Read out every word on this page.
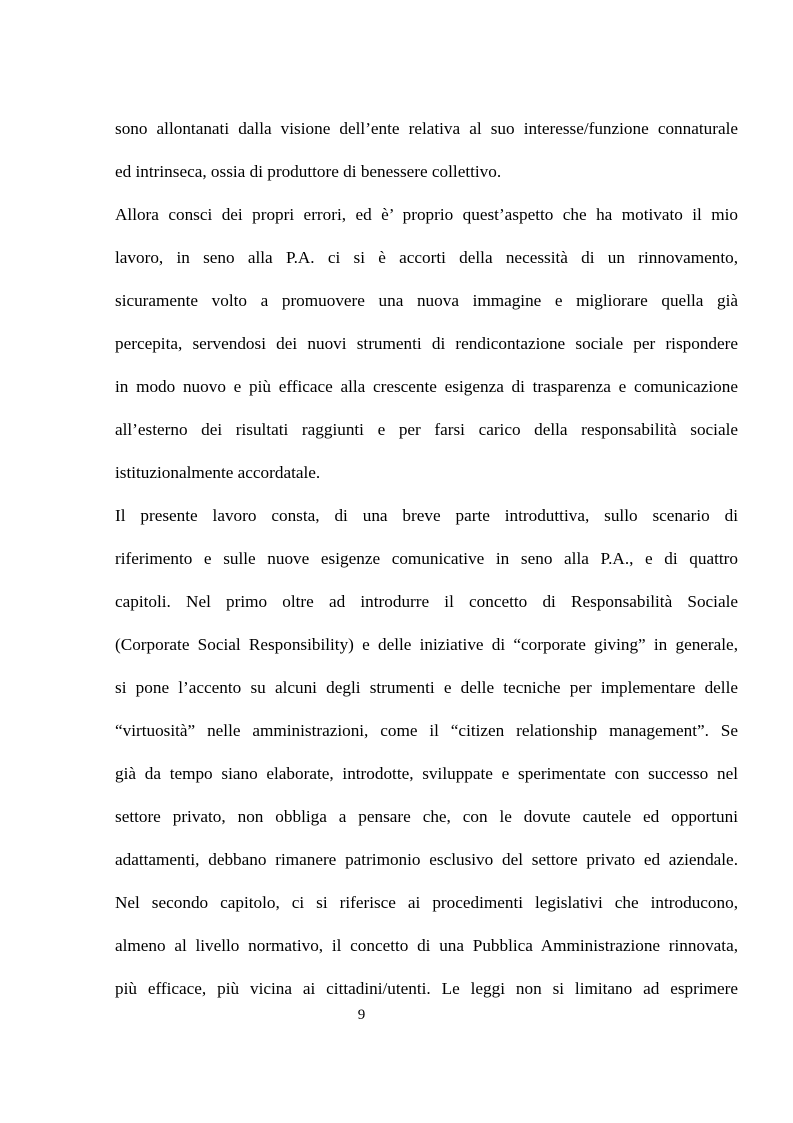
sono allontanati dalla visione dell’ente relativa al suo interesse/funzione connaturale
ed intrinseca, ossia di produttore di benessere collettivo.
Allora consci dei propri errori, ed è’ proprio quest’aspetto che ha motivato il mio
lavoro, in seno alla P.A. ci si è accorti della necessità di un rinnovamento,
sicuramente volto a promuovere una nuova immagine e migliorare quella già
percepita, servendosi dei nuovi strumenti di rendicontazione sociale per rispondere
in modo nuovo e più efficace alla crescente esigenza di trasparenza e comunicazione
all’esterno dei risultati raggiunti e per farsi carico della responsabilità sociale
istituzionalmente accordatale.
Il presente lavoro consta, di una breve parte introduttiva, sullo scenario di
riferimento e sulle nuove esigenze comunicative in seno alla P.A., e di quattro
capitoli. Nel primo oltre ad introdurre il concetto di Responsabilità Sociale
(Corporate Social Responsibility) e delle iniziative di “corporate giving” in generale,
si pone l’accento su alcuni degli strumenti e delle tecniche per implementare delle
“virtuosità” nelle amministrazioni, come il “citizen relationship management”. Se
già da tempo siano elaborate, introdotte, sviluppate e sperimentate con successo nel
settore privato, non obbliga a pensare che, con le dovute cautele ed opportuni
adattamenti, debbano rimanere patrimonio esclusivo del settore privato ed aziendale.
Nel secondo capitolo, ci si riferisce ai procedimenti legislativi che introducono,
almeno al livello normativo, il concetto di una Pubblica Amministrazione rinnovata,
più efficace, più vicina ai cittadini/utenti. Le leggi non si limitano ad esprimere
9
